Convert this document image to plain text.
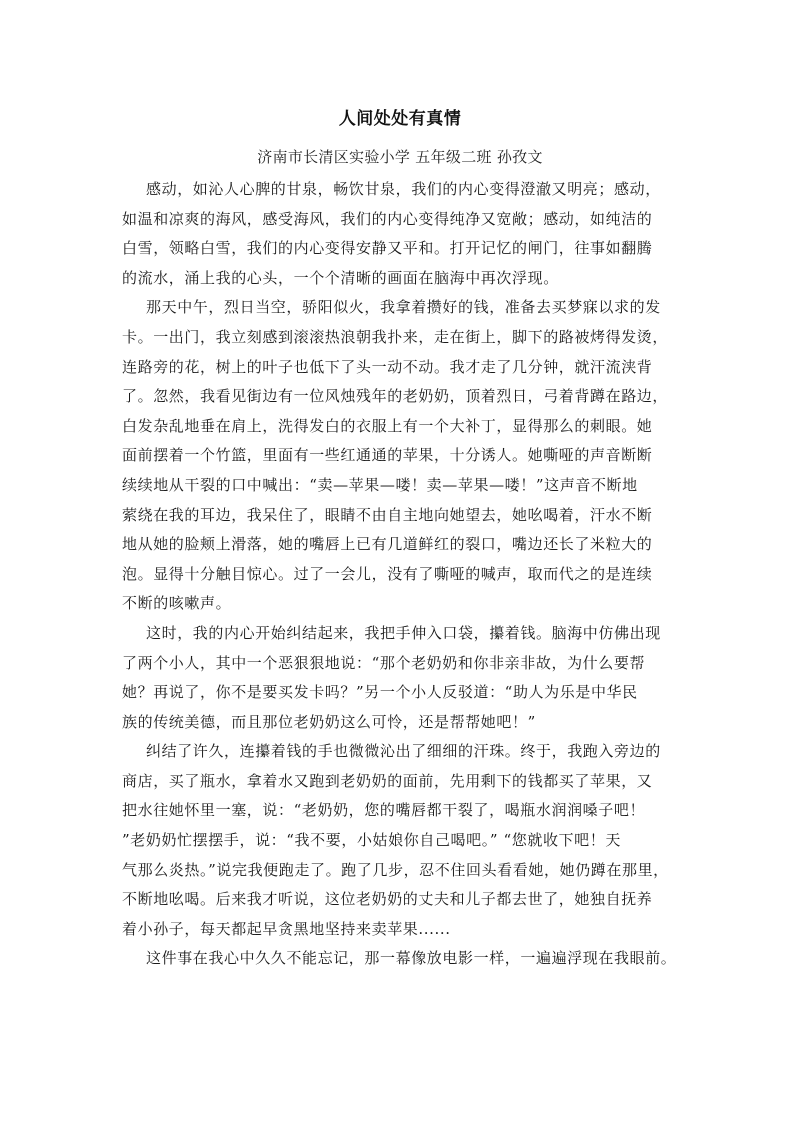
人间处处有真情
济南市长清区实验小学 五年级二班 孙孜文
感动，如沁人心脾的甘泉，畅饮甘泉，我们的内心变得澄澈又明亮；感动，
如温和凉爽的海风，感受海风，我们的内心变得纯净又宽敞；感动，如纯洁的
白雪，领略白雪，我们的内心变得安静又平和。打开记忆的闸门，往事如翻腾
的流水，涌上我的心头，一个个清晰的画面在脑海中再次浮现。
那天中午，烈日当空，骄阳似火，我拿着攒好的钱，准备去买梦寐以求的发
卡。一出门，我立刻感到滚滚热浪朝我扑来，走在街上，脚下的路被烤得发烫，
连路旁的花，树上的叶子也低下了头一动不动。我才走了几分钟，就汗流浃背
了。忽然，我看见街边有一位风烛残年的老奶奶，顶着烈日，弓着背蹲在路边，
白发杂乱地垂在肩上，洗得发白的衣服上有一个大补丁，显得那么的刺眼。她
面前摆着一个竹篮，里面有一些红通通的苹果，十分诱人。她嘶哑的声音断断
续续地从干裂的口中喊出：“卖—苹果—喽！卖—苹果—喽！”这声音不断地
萦绕在我的耳边，我呆住了，眼睛不由自主地向她望去，她吆喝着，汗水不断
地从她的脸颊上滑落，她的嘴唇上已有几道鲜红的裂口，嘴边还长了米粒大的
泡。显得十分触目惊心。过了一会儿，没有了嘶哑的喊声，取而代之的是连续
不断的咳嗽声。
这时，我的内心开始纠结起来，我把手伸入口袋，攥着钱。脑海中仿佛出现
了两个小人，其中一个恶狠狠地说：“那个老奶奶和你非亲非故，为什么要帮
她？再说了，你不是要买发卡吗？”另一个小人反驳道：“助人为乐是中华民
族的传统美德，而且那位老奶奶这么可怜，还是帮帮她吧！”
纠结了许久，连攥着钱的手也微微沁出了细细的汗珠。终于，我跑入旁边的
商店，买了瓶水，拿着水又跑到老奶奶的面前，先用剩下的钱都买了苹果，又
把水往她怀里一塞，说：“老奶奶，您的嘴唇都干裂了，喝瓶水润润嗓子吧！
”老奶奶忙摆摆手，说：“我不要，小姑娘你自己喝吧。” “您就收下吧！天
气那么炎热。”说完我便跑走了。跑了几步，忍不住回头看看她，她仍蹲在那里，
不断地吆喝。后来我才听说，这位老奶奶的丈夫和儿子都去世了，她独自抚养
着小孙子，每天都起早贪黑地坚持来卖苹果......
这件事在我心中久久不能忘记，那一幕像放电影一样，一遍遍浮现在我眼前。
